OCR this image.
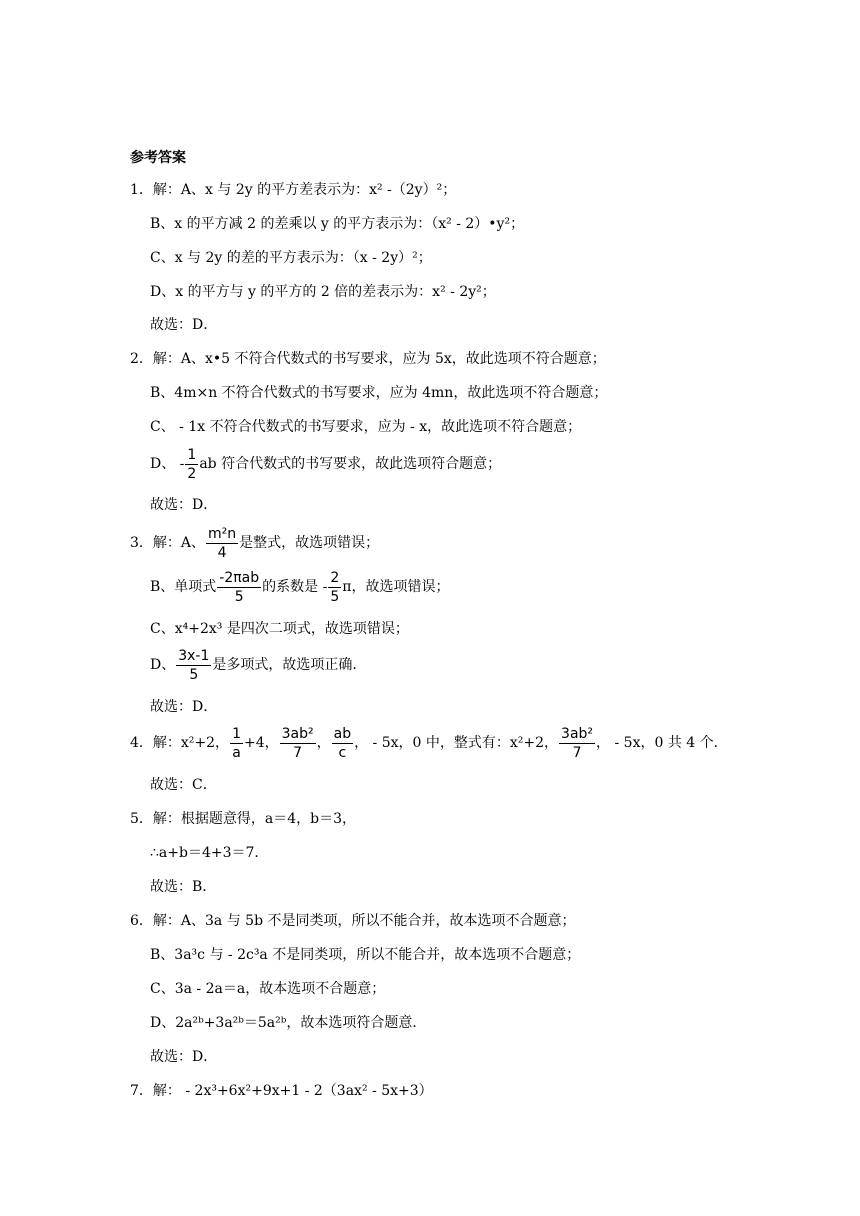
参考答案
1．解：A、x 与 2y 的平方差表示为：x² -（2y）²；
B、x 的平方减 2 的差乘以 y 的平方表示为：（x² - 2）•y²；
C、x 与 2y 的差的平方表示为：（x - 2y）²；
D、x 的平方与 y 的平方的 2 倍的差表示为：x² - 2y²；
故选：D．
2．解：A、x•5 不符合代数式的书写要求，应为 5x，故此选项不符合题意；
B、4m×n 不符合代数式的书写要求，应为 4mn，故此选项不符合题意；
C、 - 1x 不符合代数式的书写要求，应为 - x，故此选项不符合题意；
D、 - $\frac{1}{2}$ ab 符合代数式的书写要求，故此选项符合题意；
故选：D．
3．解：A、 $\frac{\text{m²n}}{4}$ 是整式，故选项错误；
B、单项式 $\frac{\text{-2πab}}{5}$ 的系数是 - $\frac{2}{5}$ π，故选项错误；
C、x⁴+2x³ 是四次二项式，故选项错误；
D、 $\frac{3x-1}{5}$ 是多项式，故选项正确．
故选：D．
4．解：x²+2， $\frac{1}{a} +4$， $\frac{\text{3ab²}}{7}$ ， $\frac{ab}{c}$ ， - 5x，0 中，整式有：x²+2， $\frac{\text{3ab²}}{7}$ ， - 5x，0 共 4 个．
故选：C．
5．解：根据题意得，a＝4，b＝3，
∴a+b＝4+3＝7．
故选：B．
6．解：A、3a 与 5b 不是同类项，所以不能合并，故本选项不合题意；
B、3a³c 与 - 2c³a 不是同类项，所以不能合并，故本选项不合题意；
C、3a - 2a＝a，故本选项不合题意；
D、2a²ᵇ+3a²ᵇ＝5a²ᵇ，故本选项符合题意．
故选：D．
7．解： - 2x³+6x²+9x+1 - 2（3ax² - 5x+3）
